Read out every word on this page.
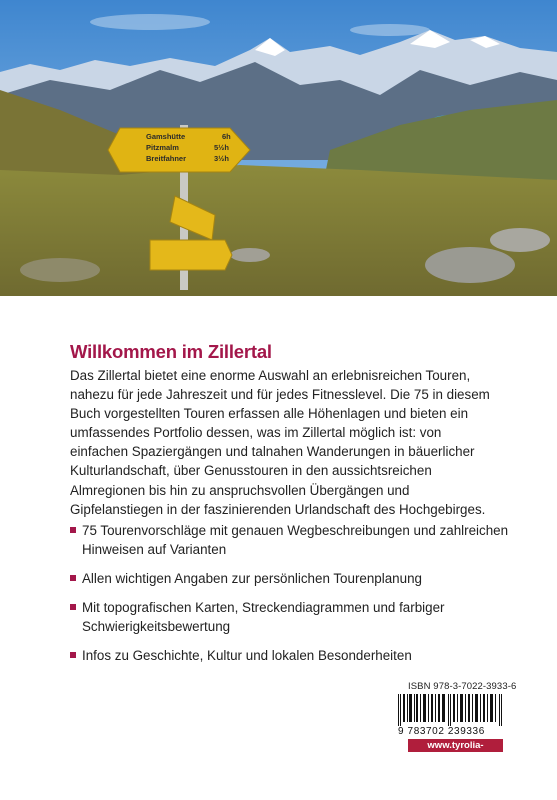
Gamshütte	6h
Pitzmalm	5½h
Breitfahner	3½h
Willkommen im Zillertal

Das Zillertal bietet eine enorme Auswahl an erlebnisreichen Touren, nahezu für jede Jahreszeit und für jedes Fitnesslevel. Die 75 in diesem Buch vorgestellten Touren erfassen alle Höhenlagen und bieten ein umfassendes Portfolio dessen, was im Zillertal möglich ist: von einfachen Spaziergängen und talnahen Wanderungen in bäuerlicher Kulturlandschaft, über Genusstouren in den aussichtsreichen Almregionen bis hin zu anspruchsvollen Übergängen und Gipfelanstiegen in der faszinierenden Urlandschaft des Hochgebirges.

75 Tourenvorschläge mit genauen Wegbeschreibungen und zahlreichen Hinweisen auf Varianten
Allen wichtigen Angaben zur persönlichen Tourenplanung
Mit topografischen Karten, Streckendiagrammen und farbiger Schwierigkeitsbewertung
Infos zu Geschichte, Kultur und lokalen Besonderheiten
ISBN 978-3-7022-3933-6
9 783702 239336
www.tyrolia-verlag.at
